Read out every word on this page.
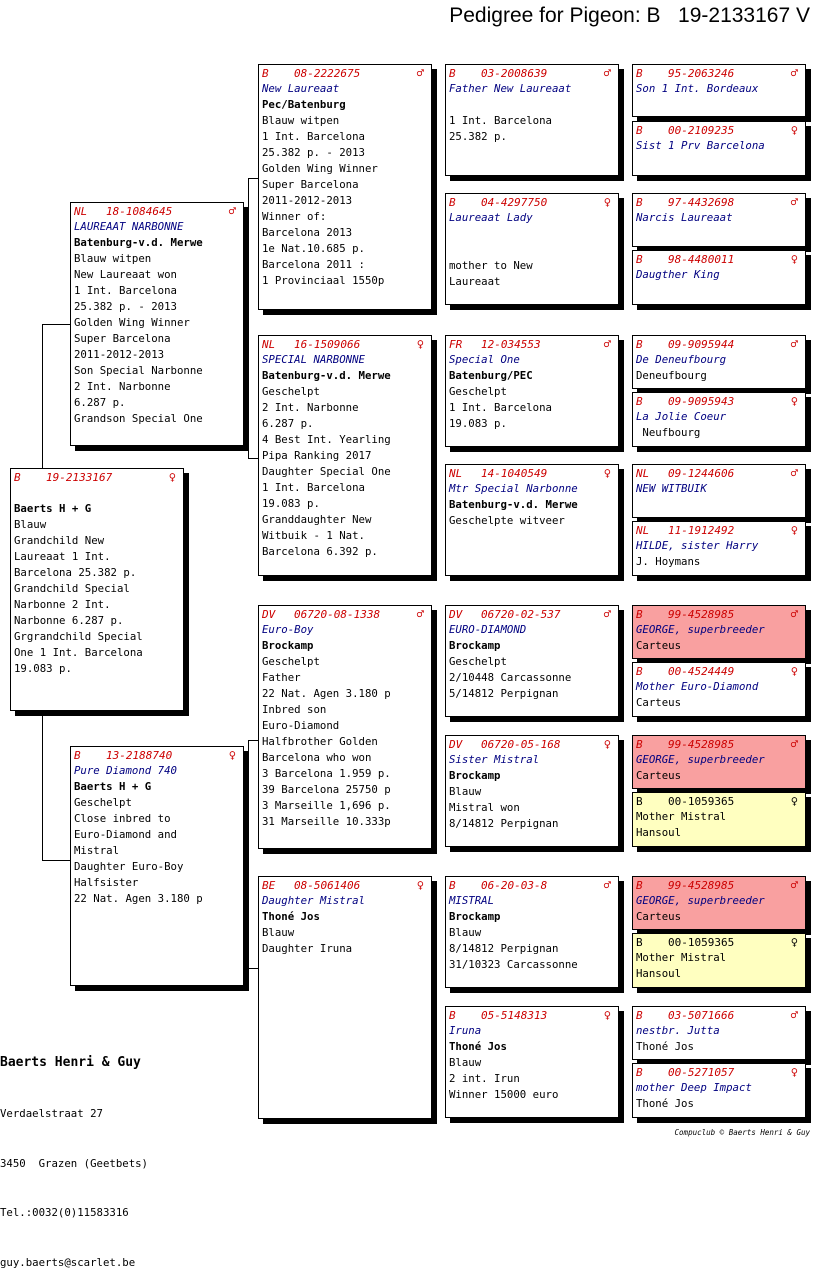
Pedigree for Pigeon: B   19-2133167 V
B 19-2133167	♀
Baerts H + G
Blauw
Grandchild New
Laureaat 1 Int.
Barcelona 25.382 p.
Grandchild Special
Narbonne 2 Int.
Narbonne 6.287 p.
Grgrandchild Special
One 1 Int. Barcelona
19.083 p.
NL 18-1084645	♂
LAUREAAT NARBONNE
Batenburg-v.d. Merwe
Blauw witpen
New Laureaat won
1 Int. Barcelona
25.382 p. - 2013
Golden Wing Winner
Super Barcelona
2011-2012-2013
Son Special Narbonne
2 Int. Narbonne
6.287 p.
Grandson Special One
B 13-2188740	♀
Pure Diamond 740
Baerts H + G
Geschelpt
Close inbred to
Euro-Diamond and
Mistral
Daughter Euro-Boy
Halfsister
22 Nat. Agen 3.180 p
B 08-2222675	♂
New Laureaat
Pec/Batenburg
Blauw witpen
1 Int. Barcelona
25.382 p. - 2013
Golden Wing Winner
Super Barcelona
2011-2012-2013
Winner of:
Barcelona 2013
1e Nat.10.685 p.
Barcelona 2011 :
1 Provinciaal 1550p
NL 16-1509066	♀
SPECIAL NARBONNE
Batenburg-v.d. Merwe
Geschelpt
2 Int. Narbonne
6.287 p.
4 Best Int. Yearling
Pipa Ranking 2017
Daughter Special One
1 Int. Barcelona
19.083 p.
Granddaughter New
Witbuik - 1 Nat.
Barcelona 6.392 p.
DV 06720-08-1338	♂
Euro-Boy
Brockamp
Geschelpt
Father
22 Nat. Agen 3.180 p
Inbred son
Euro-Diamond
Halfbrother Golden
Barcelona who won
3 Barcelona 1.959 p.
39 Barcelona 25750 p
3 Marseille 1,696 p.
31 Marseille 10.333p
BE 08-5061406	♀
Daughter Mistral
Thoné Jos
Blauw
Daughter Iruna
B 03-2008639	♂
Father New Laureaat
1 Int. Barcelona
25.382 p.
B 04-4297750	♀
Laureaat Lady
mother to New
Laureaat
FR 12-034553	♂
Special One
Batenburg/PEC
Geschelpt
1 Int. Barcelona
19.083 p.
NL 14-1040549	♀
Mtr Special Narbonne
Batenburg-v.d. Merwe
Geschelpte witveer
DV 06720-02-537	♂
EURO-DIAMOND
Brockamp
Geschelpt
2/10448 Carcassonne
5/14812 Perpignan
DV 06720-05-168	♀
Sister Mistral
Brockamp
Blauw
Mistral won
8/14812 Perpignan
B 06-20-03-8	♂
MISTRAL
Brockamp
Blauw
8/14812 Perpignan
31/10323 Carcassonne
B 05-5148313	♀
Iruna
Thoné Jos
Blauw
2 int. Irun
Winner 15000 euro
B 95-2063246	♂
Son 1 Int. Bordeaux
B 00-2109235	♀
Sist 1 Prv Barcelona
B 97-4432698	♂
Narcis Laureaat
B 98-4480011	♀
Daugther King
B 09-9095944	♂
De Deneufbourg
Deneufbourg
B 09-9095943	♀
La Jolie Coeur
Neufbourg
NL 09-1244606	♂
NEW WITBUIK
NL 11-1912492	♀
HILDE, sister Harry
J. Hoymans
B 99-4528985	♂
GEORGE, superbreeder
Carteus
B 00-4524449	♀
Mother Euro-Diamond
Carteus
B 99-4528985	♂
GEORGE, superbreeder
Carteus
B 00-1059365	♀
Mother Mistral
Hansoul
B 99-4528985	♂
GEORGE, superbreeder
Carteus
B 00-1059365	♀
Mother Mistral
Hansoul
B 03-5071666	♂
nestbr. Jutta
Thoné Jos
B 00-5271057	♀
mother Deep Impact
Thoné Jos

Baerts Henri & Guy

Verdaelstraat 27

3450  Grazen (Geetbets)

Tel.:0032(0)11583316

guy.baerts@scarlet.be

Compuclub © Baerts Henri & Guy
